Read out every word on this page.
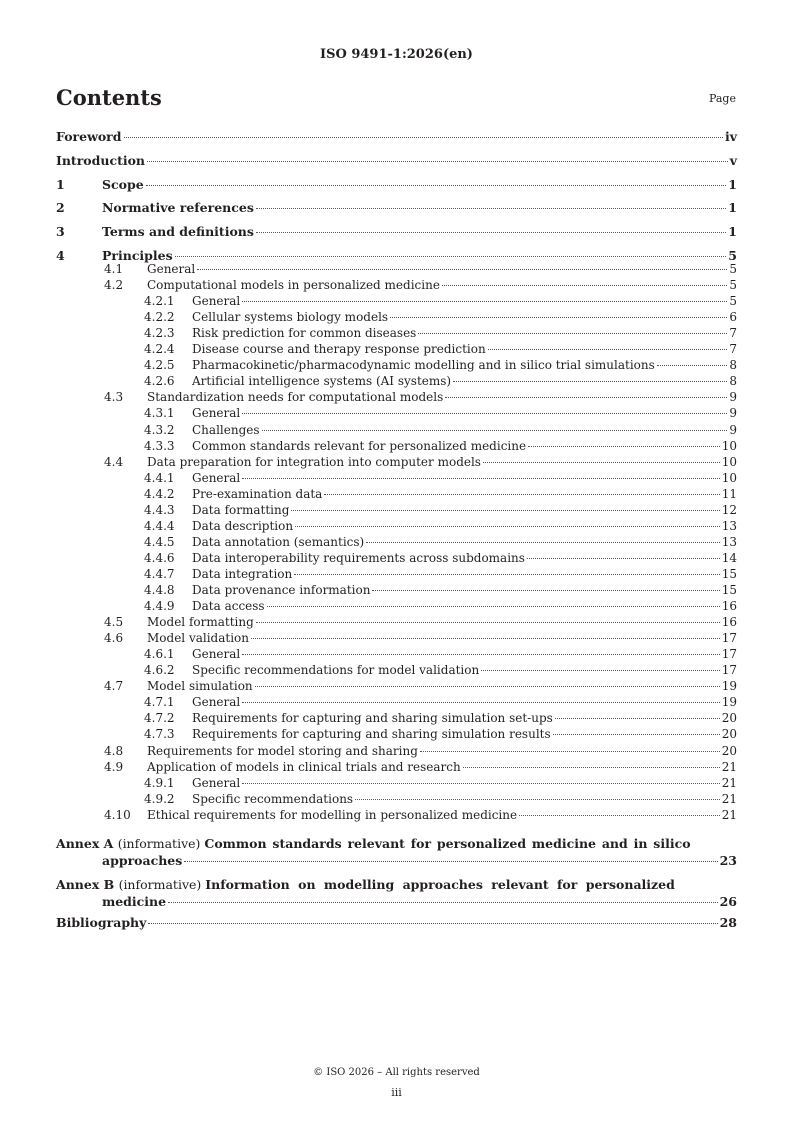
ISO 9491-1:2026(en)
Contents	Page
Foreword	iv
Introduction	v
1	Scope	1
2	Normative references	1
3	Terms and definitions	1
4	Principles	5
4.1 General	5
4.2 Computational models in personalized medicine	5
4.2.1 General	5
4.2.2 Cellular systems biology models	6
4.2.3 Risk prediction for common diseases	7
4.2.4 Disease course and therapy response prediction	7
4.2.5 Pharmacokinetic/pharmacodynamic modelling and in silico trial simulations	8
4.2.6 Artificial intelligence systems (AI systems)	8
4.3 Standardization needs for computational models	9
4.3.1 General	9
4.3.2 Challenges	9
4.3.3 Common standards relevant for personalized medicine	10
4.4 Data preparation for integration into computer models	10
4.4.1 General	10
4.4.2 Pre-examination data	11
4.4.3 Data formatting	12
4.4.4 Data description	13
4.4.5 Data annotation (semantics)	13
4.4.6 Data interoperability requirements across subdomains	14
4.4.7 Data integration	15
4.4.8 Data provenance information	15
4.4.9 Data access	16
4.5 Model formatting	16
4.6 Model validation	17
4.6.1 General	17
4.6.2 Specific recommendations for model validation	17
4.7 Model simulation	19
4.7.1 General	19
4.7.2 Requirements for capturing and sharing simulation set-ups	20
4.7.3 Requirements for capturing and sharing simulation results	20
4.8 Requirements for model storing and sharing	20
4.9 Application of models in clinical trials and research	21
4.9.1 General	21
4.9.2 Specific recommendations	21
4.10 Ethical requirements for modelling in personalized medicine	21
Annex A (informative) Common standards relevant for personalized medicine and in silico
approaches	23
Annex B (informative) Information on modelling approaches relevant for personalized
medicine	26
Bibliography	28
© ISO 2026 – All rights reserved
iii
